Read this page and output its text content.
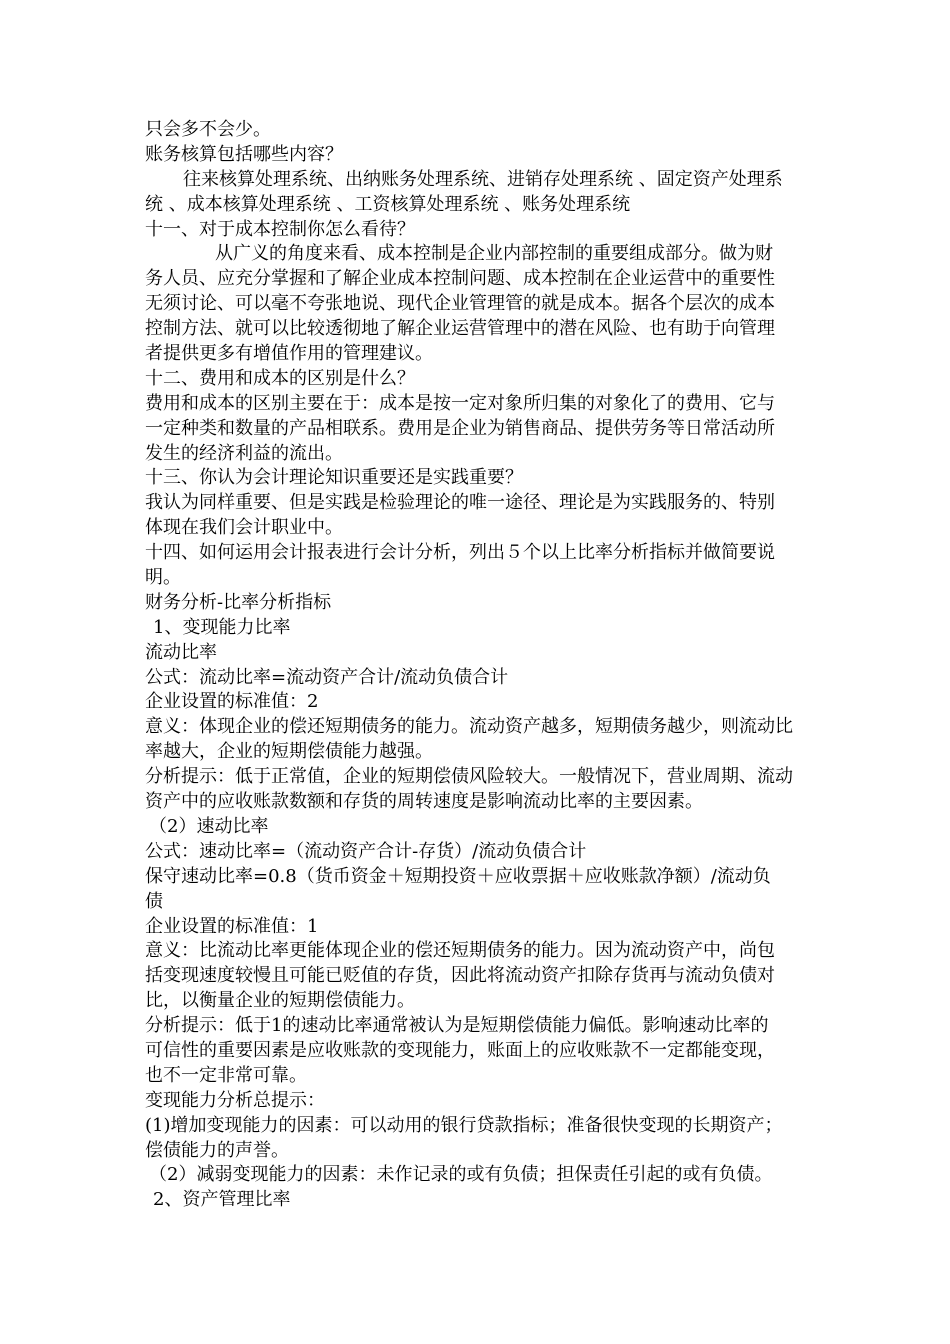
只会多不会少。
账务核算包括哪些内容？
往来核算处理系统、出纳账务处理系统、进销存处理系统 、固定资产处理系
统 、成本核算处理系统 、工资核算处理系统 、账务处理系统
十一、对于成本控制你怎么看待？
从广义的角度来看、成本控制是企业内部控制的重要组成部分。做为财
务人员、应充分掌握和了解企业成本控制问题、成本控制在企业运营中的重要性
无须讨论、可以毫不夸张地说、现代企业管理管的就是成本。据各个层次的成本
控制方法、就可以比较透彻地了解企业运营管理中的潜在风险、也有助于向管理
者提供更多有增值作用的管理建议。
十二、费用和成本的区别是什么？
费用和成本的区别主要在于：成本是按一定对象所归集的对象化了的费用、它与
一定种类和数量的产品相联系。费用是企业为销售商品、提供劳务等日常活动所
发生的经济利益的流出。
十三、你认为会计理论知识重要还是实践重要？
我认为同样重要、但是实践是检验理论的唯一途径、理论是为实践服务的、特别
体现在我们会计职业中。
十四、如何运用会计报表进行会计分析，列出５个以上比率分析指标并做简要说
明。
财务分析-比率分析指标
1、变现能力比率
流动比率
公式：流动比率=流动资产合计/流动负债合计
企业设置的标准值：2
意义：体现企业的偿还短期债务的能力。流动资产越多，短期债务越少，则流动比
率越大，企业的短期偿债能力越强。
分析提示：低于正常值，企业的短期偿债风险较大。一般情况下，营业周期、流动
资产中的应收账款数额和存货的周转速度是影响流动比率的主要因素。
（2）速动比率
公式：速动比率=（流动资产合计-存货）/流动负债合计
保守速动比率=0.8（货币资金＋短期投资＋应收票据＋应收账款净额）/流动负
债
企业设置的标准值：1
意义：比流动比率更能体现企业的偿还短期债务的能力。因为流动资产中，尚包
括变现速度较慢且可能已贬值的存货，因此将流动资产扣除存货再与流动负债对
比，以衡量企业的短期偿债能力。
分析提示：低于1的速动比率通常被认为是短期偿债能力偏低。影响速动比率的
可信性的重要因素是应收账款的变现能力，账面上的应收账款不一定都能变现，
也不一定非常可靠。
变现能力分析总提示：
(1)增加变现能力的因素：可以动用的银行贷款指标；准备很快变现的长期资产；
偿债能力的声誉。
（2）减弱变现能力的因素：未作记录的或有负债；担保责任引起的或有负债。
2、资产管理比率
